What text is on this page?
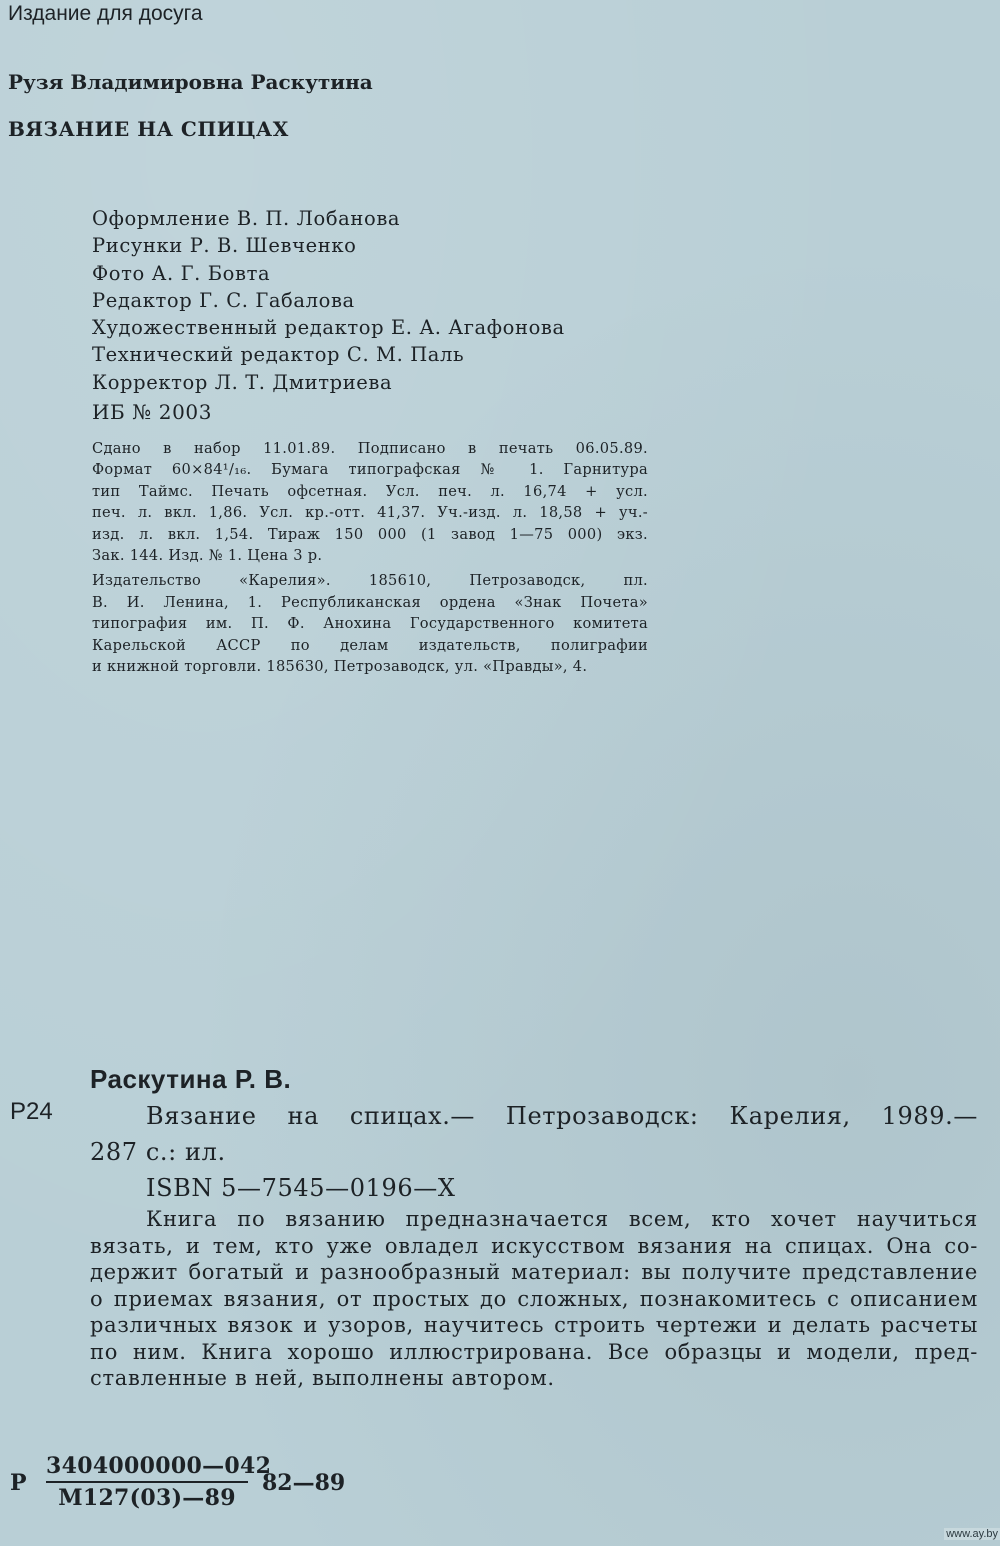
Издание для досуга
Рузя Владимировна Раскутина
ВЯЗАНИЕ НА СПИЦАХ
Оформление В. П. Лобанова
Рисунки Р. В. Шевченко
Фото А. Г. Бовта
Редактор Г. С. Габалова
Художественный редактор Е. А. Агафонова
Технический редактор С. М. Паль
Корректор Л. Т. Дмитриева
ИБ № 2003
Сдано в набор 11.01.89. Подписано в печать 06.05.89.
Формат 60×84¹/₁₆. Бумага типографская № 1. Гарнитура
тип Таймс. Печать офсетная. Усл. печ. л. 16,74 + усл.
печ. л. вкл. 1,86. Усл. кр.-отт. 41,37. Уч.-изд. л. 18,58 + уч.-
изд. л. вкл. 1,54. Тираж 150 000 (1 завод 1—75 000) экз.
Зак. 144. Изд. № 1. Цена 3 р.
Издательство «Карелия». 185610, Петрозаводск, пл.
В. И. Ленина, 1. Республиканская ордена «Знак Почета»
типография им. П. Ф. Анохина Государственного комитета
Карельской АССР по делам издательств, полиграфии
и книжной торговли. 185630, Петрозаводск, ул. «Правды», 4.
Раскутина Р. В.
Р24	Вязание на спицах.— Петрозаводск: Карелия, 1989.—
287 с.: ил.
ISBN 5—7545—0196—X
Книга по вязанию предназначается всем, кто хочет научиться
вязать, и тем, кто уже овладел искусством вязания на спицах. Она со-
держит богатый и разнообразный материал: вы получите представление
о приемах вязания, от простых до сложных, познакомитесь с описанием
различных вязок и узоров, научитесь строить чертежи и делать расчеты
по ним. Книга хорошо иллюстрирована. Все образцы и модели, пред-
ставленные в ней, выполнены автором.
Р
3404000000—042
М127(03)—89
82—89
www.ay.by
